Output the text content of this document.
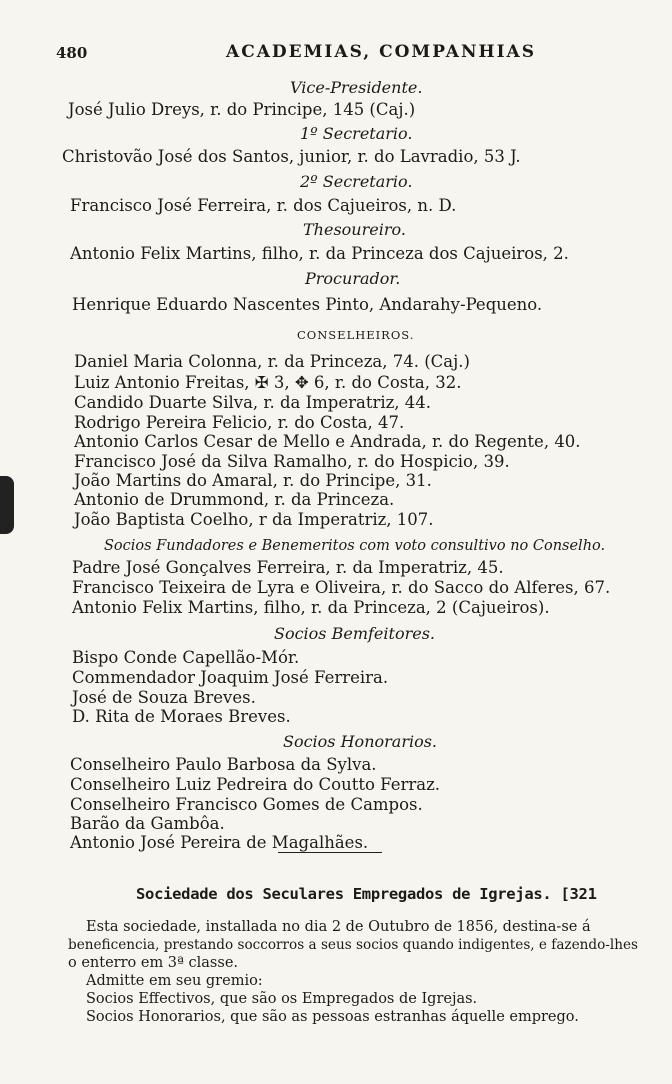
480	ACADEMIAS, COMPANHIAS
Vice-Presidente.
José Julio Dreys, r. do Principe, 145 (Caj.)
1º Secretario.
Christovão José dos Santos, junior, r. do Lavradio, 53 J.
2º Secretario.
Francisco José Ferreira, r. dos Cajueiros, n. D.
Thesoureiro.
Antonio Felix Martins, filho, r. da Princeza dos Cajueiros, 2.
Procurador.
Henrique Eduardo Nascentes Pinto, Andarahy-Pequeno.
CONSELHEIROS.
Daniel Maria Colonna, r. da Princeza, 74. (Caj.)
Luiz Antonio Freitas, ✠ 3, ✥ 6, r. do Costa, 32.
Candido Duarte Silva, r. da Imperatriz, 44.
Rodrigo Pereira Felicio, r. do Costa, 47.
Antonio Carlos Cesar de Mello e Andrada, r. do Regente, 40.
Francisco José da Silva Ramalho, r. do Hospicio, 39.
João Martins do Amaral, r. do Principe, 31.
Antonio de Drummond, r. da Princeza.
João Baptista Coelho, r da Imperatriz, 107.
Socios Fundadores e Benemeritos com voto consultivo no Conselho.
Padre José Gonçalves Ferreira, r. da Imperatriz, 45.
Francisco Teixeira de Lyra e Oliveira, r. do Sacco do Alferes, 67.
Antonio Felix Martins, filho, r. da Princeza, 2 (Cajueiros).
Socios Bemfeitores.
Bispo Conde Capellão-Mór.
Commendador Joaquim José Ferreira.
José de Souza Breves.
D. Rita de Moraes Breves.
Socios Honorarios.
Conselheiro Paulo Barbosa da Sylva.
Conselheiro Luiz Pedreira do Coutto Ferraz.
Conselheiro Francisco Gomes de Campos.
Barão da Gambôa.
Antonio José Pereira de Magalhães.
Sociedade dos Seculares Empregados de Igrejas. [321
Esta sociedade, installada no dia 2 de Outubro de 1856, destina-se á
beneficencia, prestando soccorros a seus socios quando indigentes, e fazendo-lhes
o enterro em 3ª classe.
Admitte em seu gremio:
Socios Effectivos, que são os Empregados de Igrejas.
Socios Honorarios, que são as pessoas estranhas áquelle emprego.
